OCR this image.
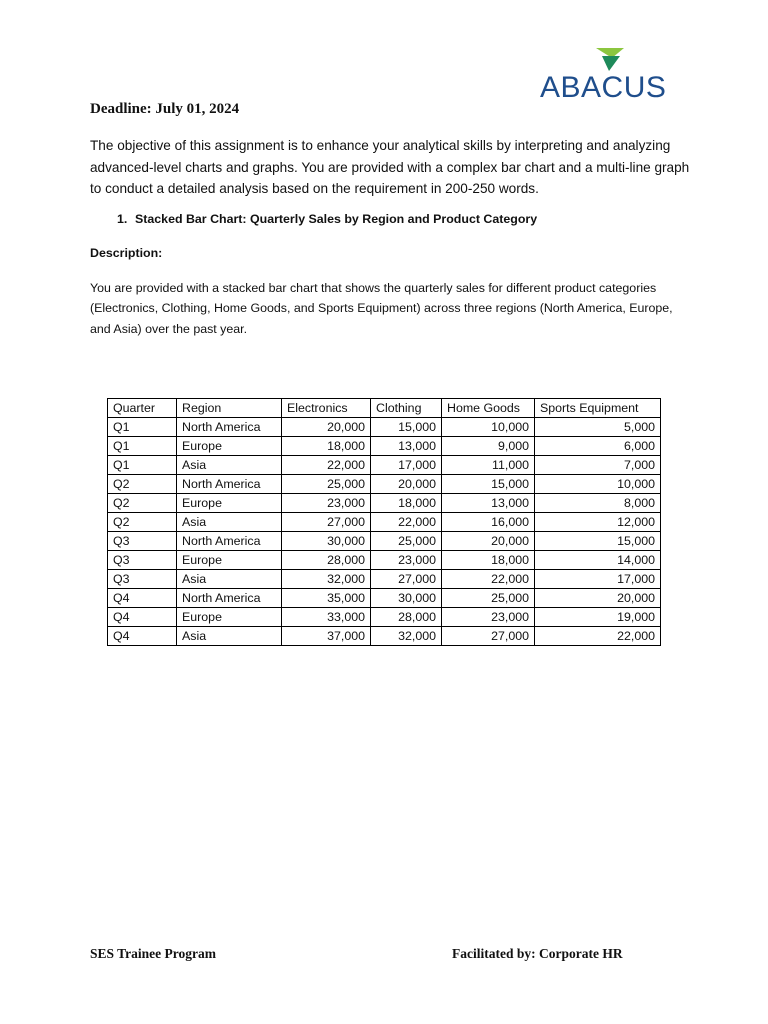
ABACUS
Deadline: July 01, 2024
The objective of this assignment is to enhance your analytical skills by interpreting and analyzing advanced-level charts and graphs. You are provided with a complex bar chart and a multi-line graph to conduct a detailed analysis based on the requirement in 200-250 words.
1. Stacked Bar Chart: Quarterly Sales by Region and Product Category
Description:
You are provided with a stacked bar chart that shows the quarterly sales for different product categories (Electronics, Clothing, Home Goods, and Sports Equipment) across three regions (North America, Europe, and Asia) over the past year.
Quarter	Region	Electronics	Clothing	Home Goods	Sports Equipment
Q1	North America	20,000	15,000	10,000	5,000
Q1	Europe	18,000	13,000	9,000	6,000
Q1	Asia	22,000	17,000	11,000	7,000
Q2	North America	25,000	20,000	15,000	10,000
Q2	Europe	23,000	18,000	13,000	8,000
Q2	Asia	27,000	22,000	16,000	12,000
Q3	North America	30,000	25,000	20,000	15,000
Q3	Europe	28,000	23,000	18,000	14,000
Q3	Asia	32,000	27,000	22,000	17,000
Q4	North America	35,000	30,000	25,000	20,000
Q4	Europe	33,000	28,000	23,000	19,000
Q4	Asia	37,000	32,000	27,000	22,000
SES Trainee Program	Facilitated by: Corporate HR
